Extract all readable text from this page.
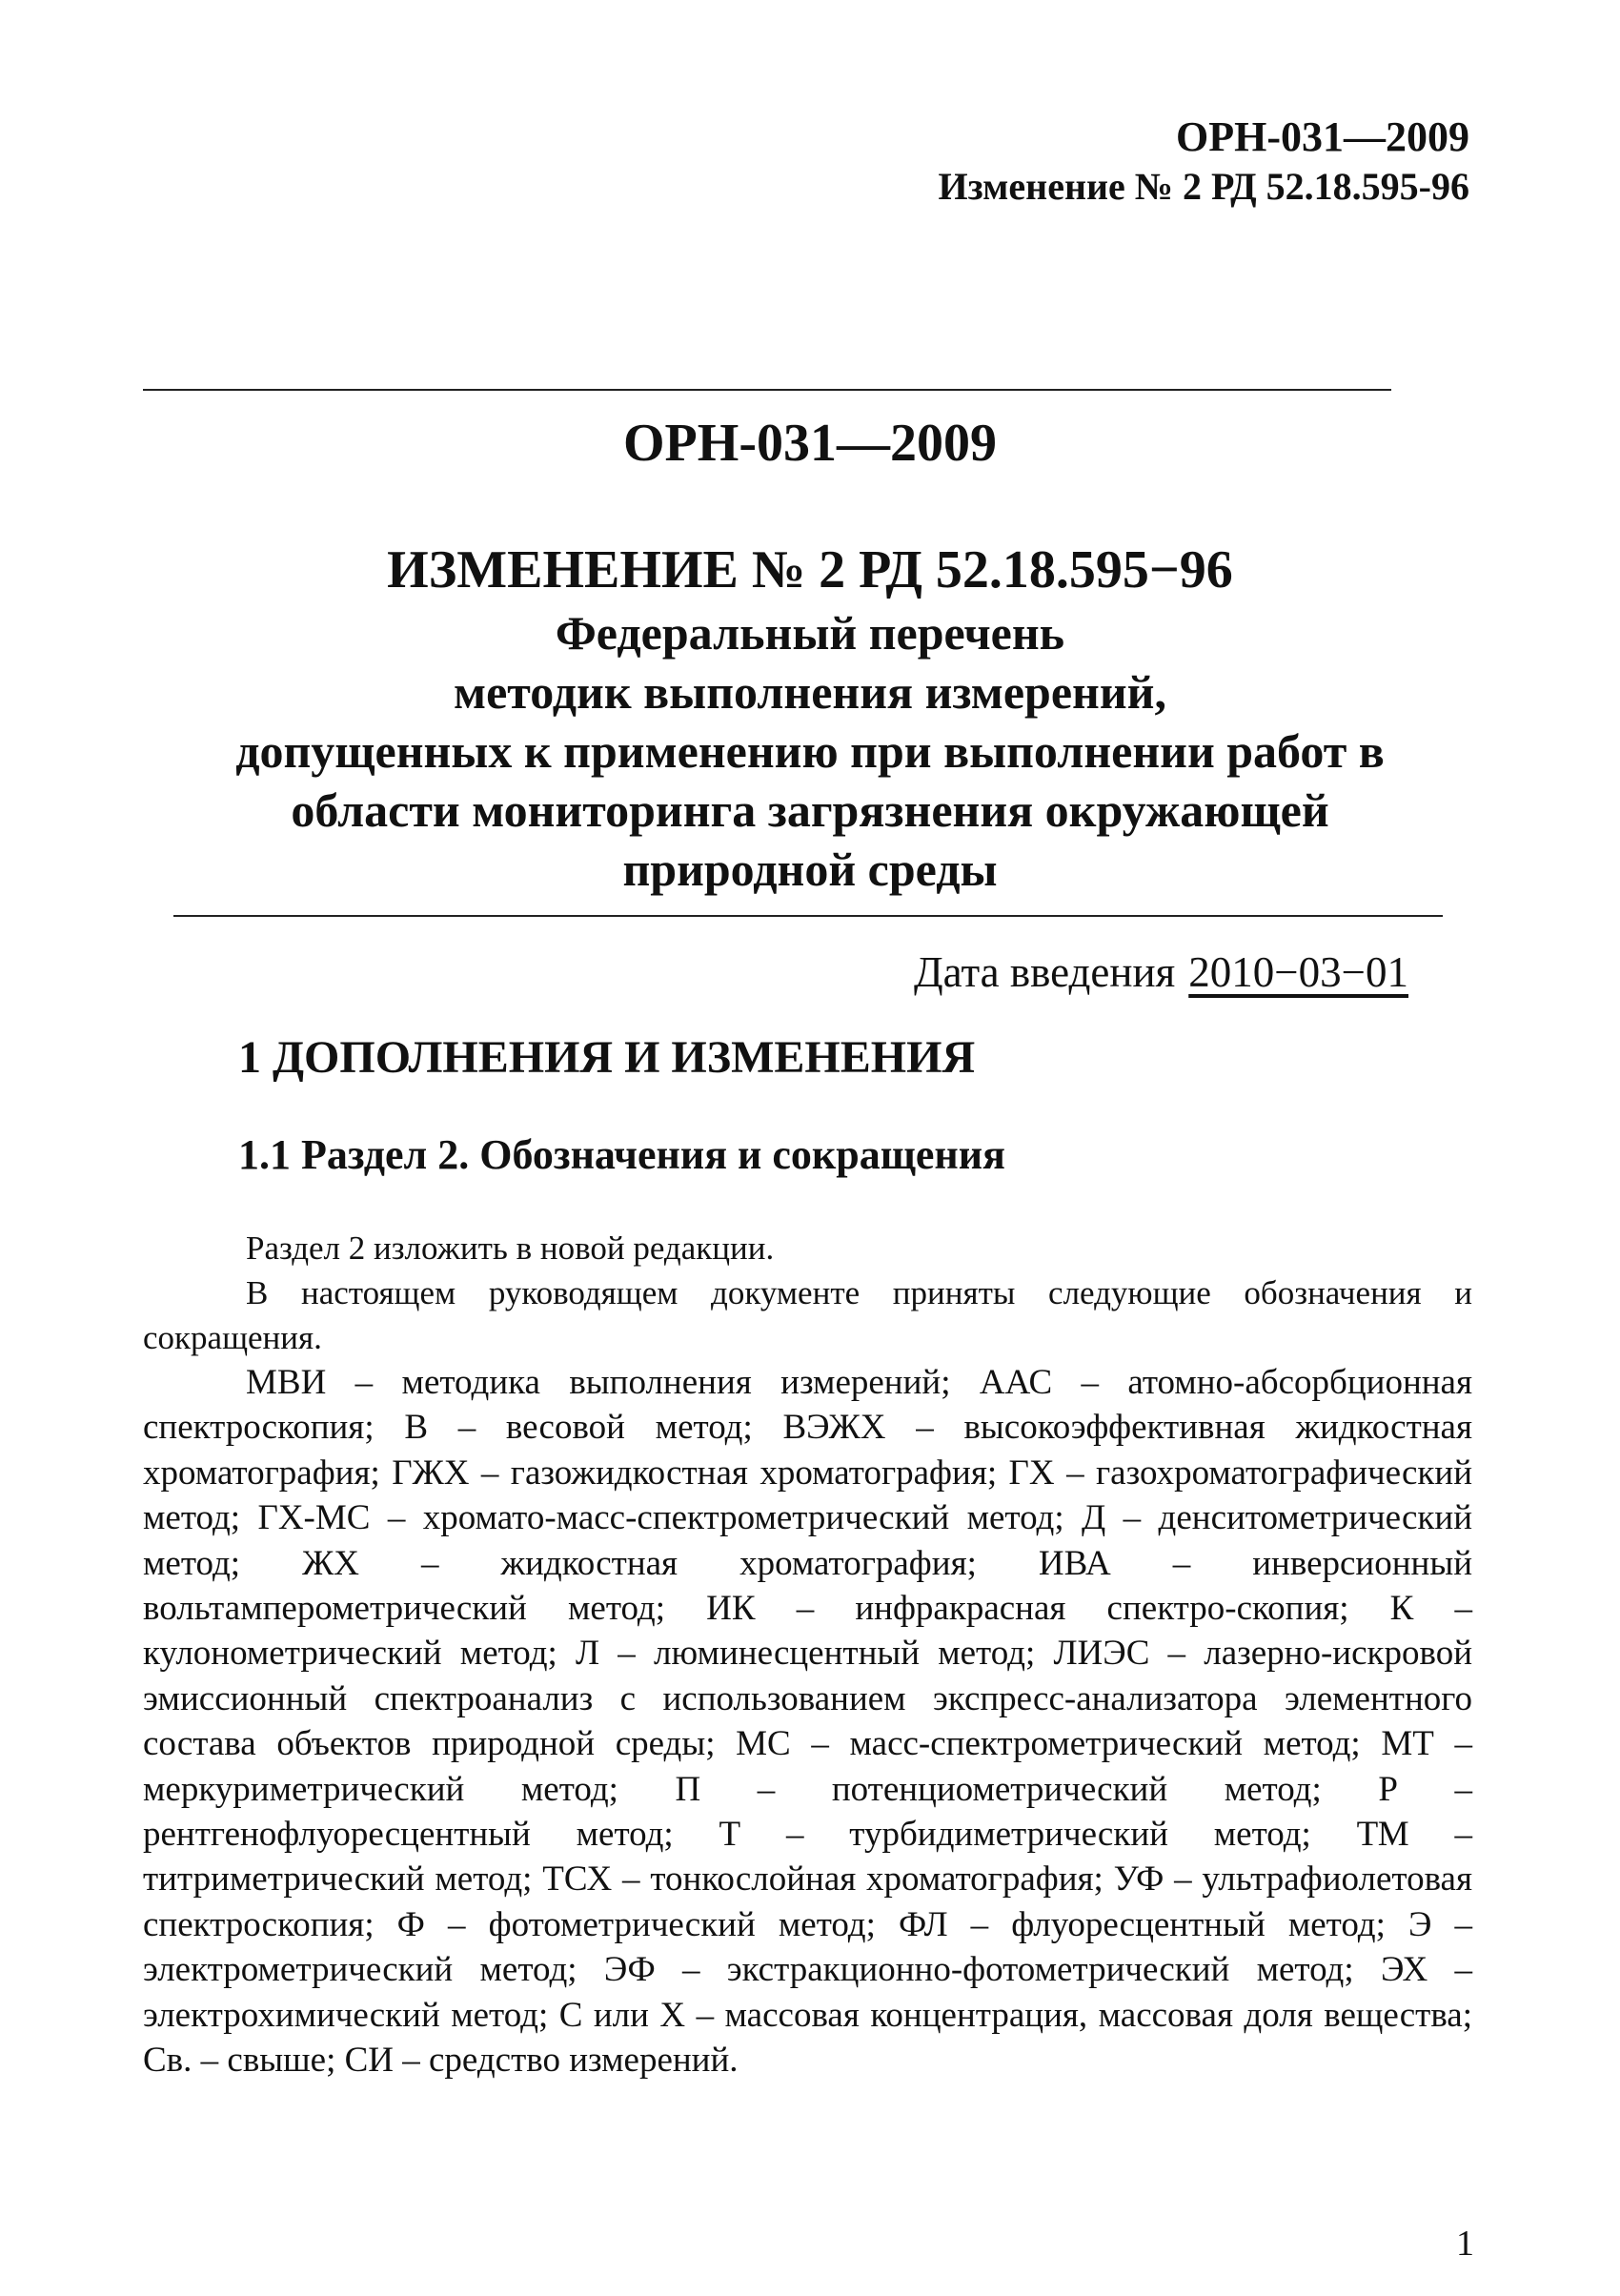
ОРН-031—2009
Изменение № 2 РД 52.18.595-96
ОРН-031—2009
ИЗМЕНЕНИЕ № 2 РД 52.18.595−96
Федеральный перечень
методик выполнения измерений,
допущенных к применению при выполнении работ в
области мониторинга загрязнения окружающей
природной среды
Дата введения 2010−03−01
1 ДОПОЛНЕНИЯ И ИЗМЕНЕНИЯ
1.1 Раздел 2. Обозначения и сокращения

Раздел 2 изложить в новой редакции.

В настоящем руководящем документе приняты следующие обозначения и сокращения.

МВИ – методика выполнения измерений; ААС – атомно-абсорбционная спектроскопия; В – весовой метод; ВЭЖХ – высокоэффективная жидкостная хроматография; ГЖХ – газожидкостная хроматография; ГХ – газохроматографический метод; ГХ-МС – хромато-масс-спектрометрический метод; Д – денситометрический метод; ЖХ – жидкостная хроматография; ИВА – инверсионный вольтамперометрический метод; ИК – инфракрасная спектро-скопия; К – кулонометрический метод; Л – люминесцентный метод; ЛИЭС – лазерно-искровой эмиссионный спектроанализ с использованием экспресс-анализатора элементного состава объектов природной среды; МС – масс-спектрометрический метод; МТ – меркуриметрический метод; П – потенциометрический метод; Р – рентгенофлуоресцентный метод; Т – турбидиметрический метод; ТМ – титриметрический метод; ТСХ – тонкослойная хроматография; УФ – ультрафиолетовая спектроскопия; Ф – фотометрический метод; ФЛ – флуоресцентный метод; Э – электрометрический метод; ЭФ – экстракционно-фотометрический метод; ЭХ – электрохимический метод; С или Х – массовая концентрация, массовая доля вещества; Св. – свыше; СИ – средство измерений.

1
